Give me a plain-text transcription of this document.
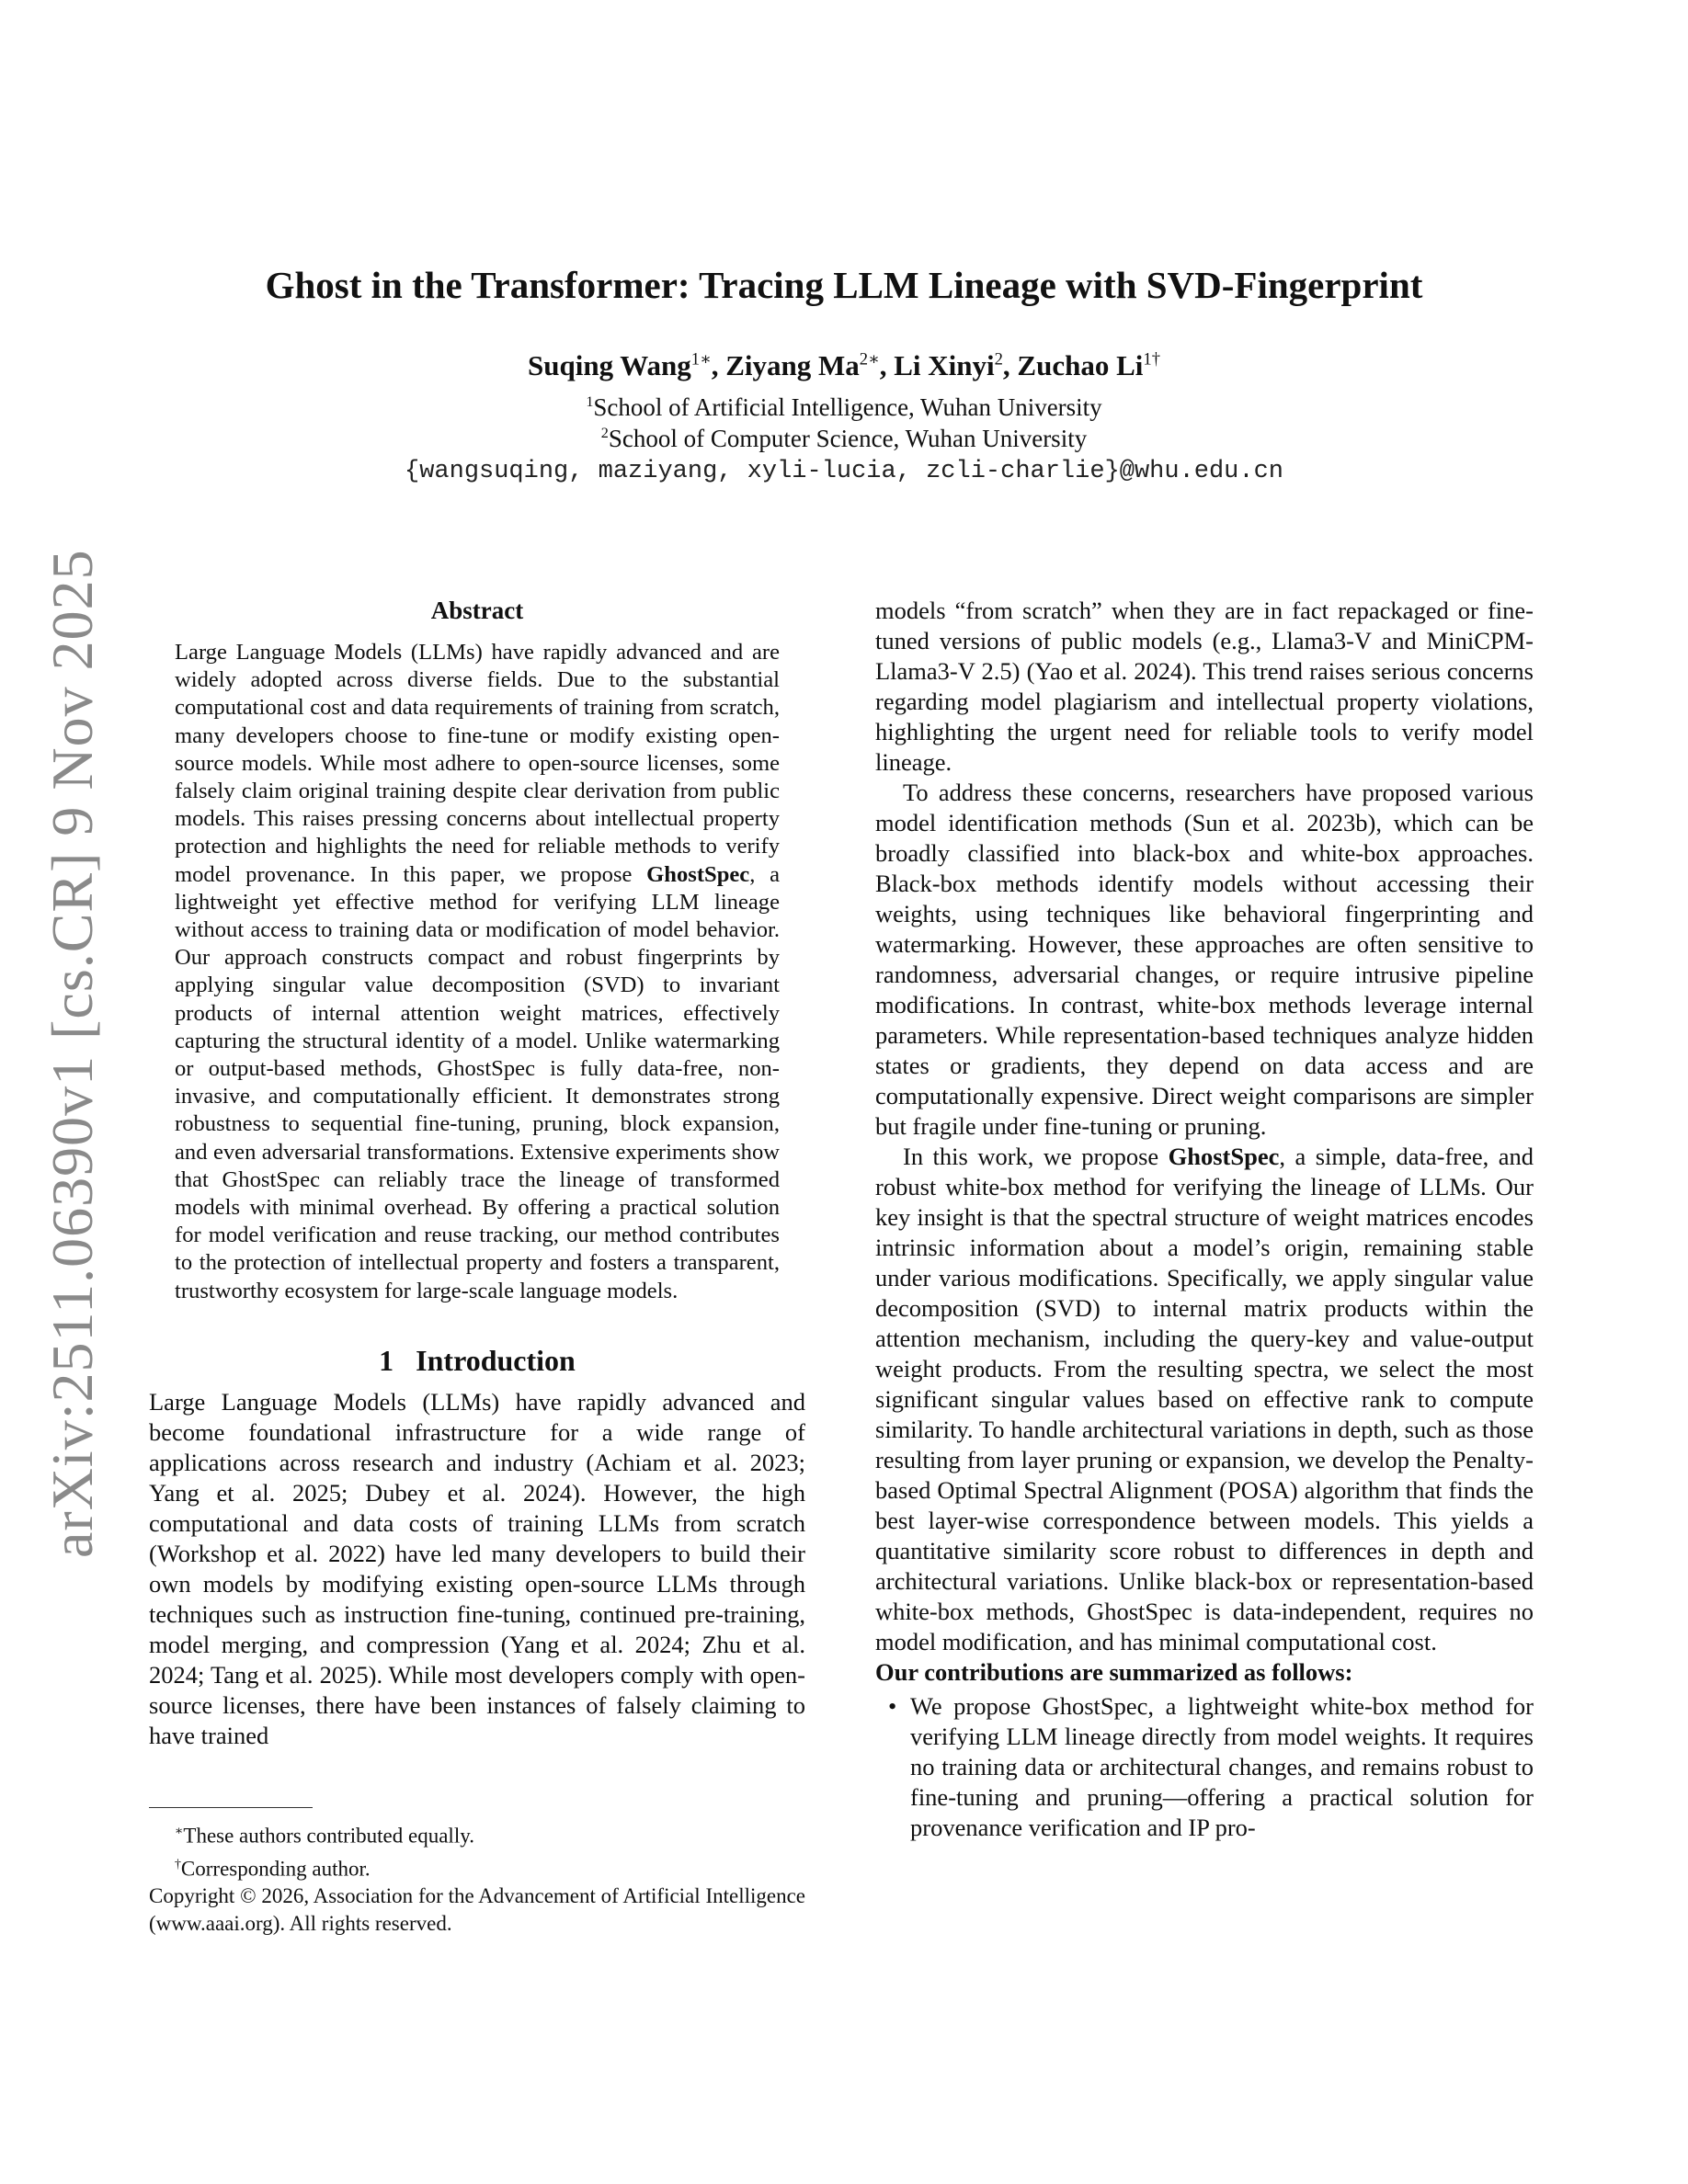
arXiv:2511.06390v1 [cs.CR] 9 Nov 2025
Ghost in the Transformer: Tracing LLM Lineage with SVD-Fingerprint
Suqing Wang$^{1∗}$, Ziyang $Ma^{2∗}$, Li Xinyi$^2$, Zuchao $Li^{1\dagger}$
$^1$School of Artificial Intelligence, Wuhan University
$^2$School of Computer Science, Wuhan University
{wangsuqing, maziyang, xyli-lucia, zcli-charlie}@whu.edu.cn
Abstract

Large Language Models (LLMs) have rapidly advanced and are widely adopted across diverse fields. Due to the substantial computational cost and data requirements of training from scratch, many developers choose to fine-tune or modify existing open-source models. While most adhere to open-source licenses, some falsely claim original training despite clear derivation from public models. This raises pressing concerns about intellectual property protection and highlights the need for reliable methods to verify model provenance. In this paper, we propose GhostSpec, a lightweight yet effective method for verifying LLM lineage without access to training data or modification of model behavior. Our approach constructs compact and robust fingerprints by applying singular value decomposition (SVD) to invariant products of internal attention weight matrices, effectively capturing the structural identity of a model. Unlike watermarking or output-based methods, GhostSpec is fully data-free, non-invasive, and computationally efficient. It demonstrates strong robustness to sequential fine-tuning, pruning, block expansion, and even adversarial transformations. Extensive experiments show that GhostSpec can reliably trace the lineage of transformed models with minimal overhead. By offering a practical solution for model verification and reuse tracking, our method contributes to the protection of intellectual property and fosters a transparent, trustworthy ecosystem for large-scale language models.

1 Introduction

Large Language Models (LLMs) have rapidly advanced and become foundational infrastructure for a wide range of applications across research and industry (Achiam et al. 2023; Yang et al. 2025; Dubey et al. 2024). However, the high computational and data costs of training LLMs from scratch (Workshop et al. 2022) have led many developers to build their own models by modifying existing open-source LLMs through techniques such as instruction fine-tuning, continued pre-training, model merging, and compression (Yang et al. 2024; Zhu et al. 2024; Tang et al. 2025). While most developers comply with open-source licenses, there have been instances of falsely claiming to have trained

∗These authors contributed equally.
†Corresponding author.
Copyright © 2026, Association for the Advancement of Artificial Intelligence (www.aaai.org). All rights reserved.

models “from scratch” when they are in fact repackaged or fine-tuned versions of public models (e.g., Llama3-V and MiniCPM-Llama3-V 2.5) (Yao et al. 2024). This trend raises serious concerns regarding model plagiarism and intellectual property violations, highlighting the urgent need for reliable tools to verify model lineage.

To address these concerns, researchers have proposed various model identification methods (Sun et al. 2023b), which can be broadly classified into black-box and white-box approaches. Black-box methods identify models without accessing their weights, using techniques like behavioral fingerprinting and watermarking. However, these approaches are often sensitive to randomness, adversarial changes, or require intrusive pipeline modifications. In contrast, white-box methods leverage internal parameters. While representation-based techniques analyze hidden states or gradients, they depend on data access and are computationally expensive. Direct weight comparisons are simpler but fragile under fine-tuning or pruning.

In this work, we propose GhostSpec, a simple, data-free, and robust white-box method for verifying the lineage of LLMs. Our key insight is that the spectral structure of weight matrices encodes intrinsic information about a model’s origin, remaining stable under various modifications. Specifically, we apply singular value decomposition (SVD) to internal matrix products within the attention mechanism, including the query-key and value-output weight products. From the resulting spectra, we select the most significant singular values based on effective rank to compute similarity. To handle architectural variations in depth, such as those resulting from layer pruning or expansion, we develop the Penalty-based Optimal Spectral Alignment (POSA) algorithm that finds the best layer-wise correspondence between models. This yields a quantitative similarity score robust to differences in depth and architectural variations. Unlike black-box or representation-based white-box methods, GhostSpec is data-independent, requires no model modification, and has minimal computational cost.

Our contributions are summarized as follows:

• We propose GhostSpec, a lightweight white-box method for verifying LLM lineage directly from model weights. It requires no training data or architectural changes, and remains robust to fine-tuning and pruning—offering a practical solution for provenance verification and IP pro-
